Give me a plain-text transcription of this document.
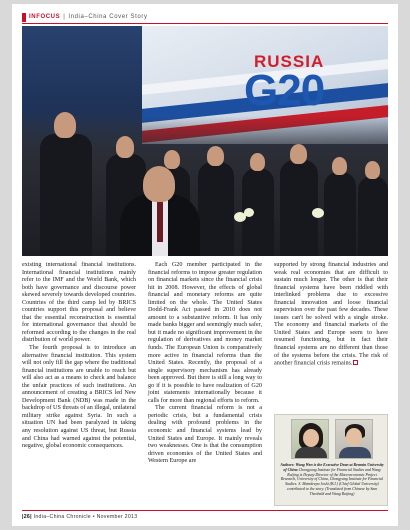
INFOCUS | India–China Cover Story
RUSSIA
G20

existing international financial institutions. International financial institutions mainly refer to the IMF and the World Bank, which both have governance and discourse power skewed severely towards developed countries. Countries of the third camp led by BRICS countries support this proposal and believe that the essential reconstruction is essential for international governance that should be reformed according to the changes in the real distribution of world power.

The fourth proposal is to introduce an alternative financial institution. This system will not only fill the gap where the traditional financial institutions are unable to reach but will also act as a means to check and balance the unfair practices of such institutions. An announcement of creating a BRICS led New Development Bank (NDB) was made in the backdrop of US threats of an illegal, unilateral military strike against Syria. In such a situation UN had been paralyzed in taking any resolution against US threat, but Russia and China had warned against the potential, negative, global economic consequences.

Each G20 member participated in the financial reforms to impose greater regulation on financial markets since the financial crisis hit in 2008. However, the effects of global financial and monetary reforms are quite limited on the whole. The United States Dodd-Frank Act passed in 2010 does not amount to a substantive reform. It has only made banks bigger and seemingly much safer, but it made no significant improvement in the regulation of derivatives and money market funds. The European Union is comparatively more active in financial reforms than the United States. Recently, the proposal of a single supervisory mechanism has already been approved. But there is still a long way to go if it is possible to have realization of G20 joint statements internationally because it calls for more than regional efforts to reform.

The current financial reform is not a periodic crisis, but a fundamental crisis dealing with profound problems in the economic and financial systems lead by United States and Europe. It mainly reveals two weaknesses. One is that the consumption driven economies of the United States and Western Europe are

supported by strong financial industries and weak real economies that are difficult to sustain much longer. The other is that their financial systems have been riddled with interlinked problems due to excessive financial innovation and loose financial supervision over the past few decades. These issues can't be solved with a single stroke. The economy and financial markets of the United States and Europe seem to have resumed functioning, but in fact their financial systems are no different than those of the systems before the crisis. The risk of another financial crisis remains.

Authors: Wang Wen is the Executive Dean at Renmin University of China Chongyang Institute for Financial Studies and Wang Ruijing is Deputy Director of the Macroeconomic Project Research, University of China, Chongyang Institute for Financial Studies. S. Mamdeepa Joshi (B.I.) (Chief Global University) contributed to the story. (Translated from Chinese by Sam Theobald and Wang Ruijing)
|26| India–China Chronicle • November 2013
